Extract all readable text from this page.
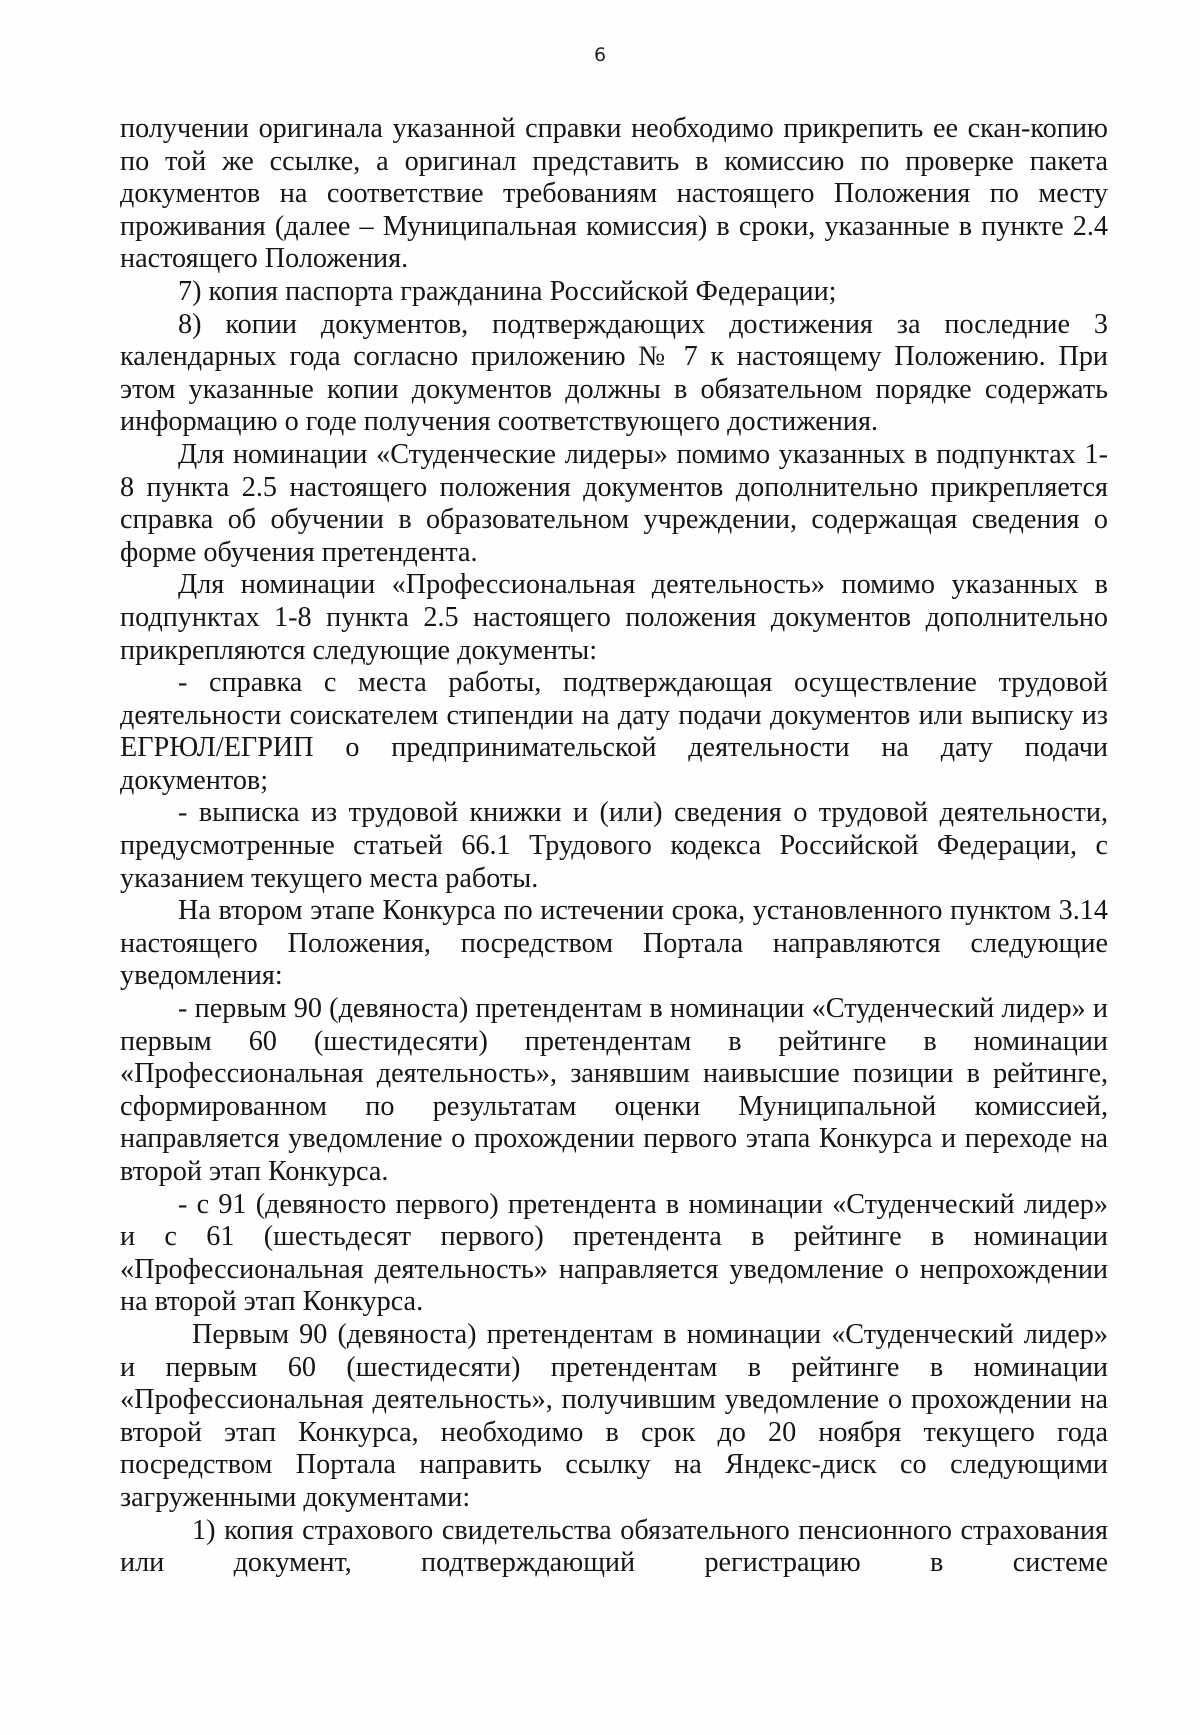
6

получении оригинала указанной справки необходимо прикрепить ее скан-копию по той же ссылке, а оригинал представить в комиссию по проверке пакета документов на соответствие требованиям настоящего Положения по месту проживания (далее – Муниципальная комиссия) в сроки, указанные в пункте 2.4 настоящего Положения.

7) копия паспорта гражданина Российской Федерации;

8) копии документов, подтверждающих достижения за последние 3 календарных года согласно приложению № 7 к настоящему Положению. При этом указанные копии документов должны в обязательном порядке содержать информацию о годе получения соответствующего достижения.

Для номинации «Студенческие лидеры» помимо указанных в подпунктах 1-8 пункта 2.5 настоящего положения документов дополнительно прикрепляется справка об обучении в образовательном учреждении, содержащая сведения о форме обучения претендента.

Для номинации «Профессиональная деятельность» помимо указанных в подпунктах 1-8 пункта 2.5 настоящего положения документов дополнительно прикрепляются следующие документы:

- справка с места работы, подтверждающая осуществление трудовой деятельности соискателем стипендии на дату подачи документов или выписку из ЕГРЮЛ/ЕГРИП о предпринимательской деятельности на дату подачи документов;

- выписка из трудовой книжки и (или) сведения о трудовой деятельности, предусмотренные статьей 66.1 Трудового кодекса Российской Федерации, с указанием текущего места работы.

На втором этапе Конкурса по истечении срока, установленного пунктом 3.14 настоящего Положения, посредством Портала направляются следующие уведомления:

- первым 90 (девяноста) претендентам в номинации «Студенческий лидер» и первым 60 (шестидесяти) претендентам в рейтинге в номинации «Профессиональная деятельность», занявшим наивысшие позиции в рейтинге, сформированном по результатам оценки Муниципальной комиссией, направляется уведомление о прохождении первого этапа Конкурса и переходе на второй этап Конкурса.

- с 91 (девяносто первого) претендента в номинации «Студенческий лидер» и с 61 (шестьдесят первого) претендента в рейтинге в номинации «Профессиональная деятельность» направляется уведомление о непрохождении на второй этап Конкурса.

Первым 90 (девяноста) претендентам в номинации «Студенческий лидер» и первым 60 (шестидесяти) претендентам в рейтинге в номинации «Профессиональная деятельность», получившим уведомление о прохождении на второй этап Конкурса, необходимо в срок до 20 ноября текущего года посредством Портала направить ссылку на Яндекс-диск со следующими загруженными документами:

1) копия страхового свидетельства обязательного пенсионного страхования или документ, подтверждающий регистрацию в системе
